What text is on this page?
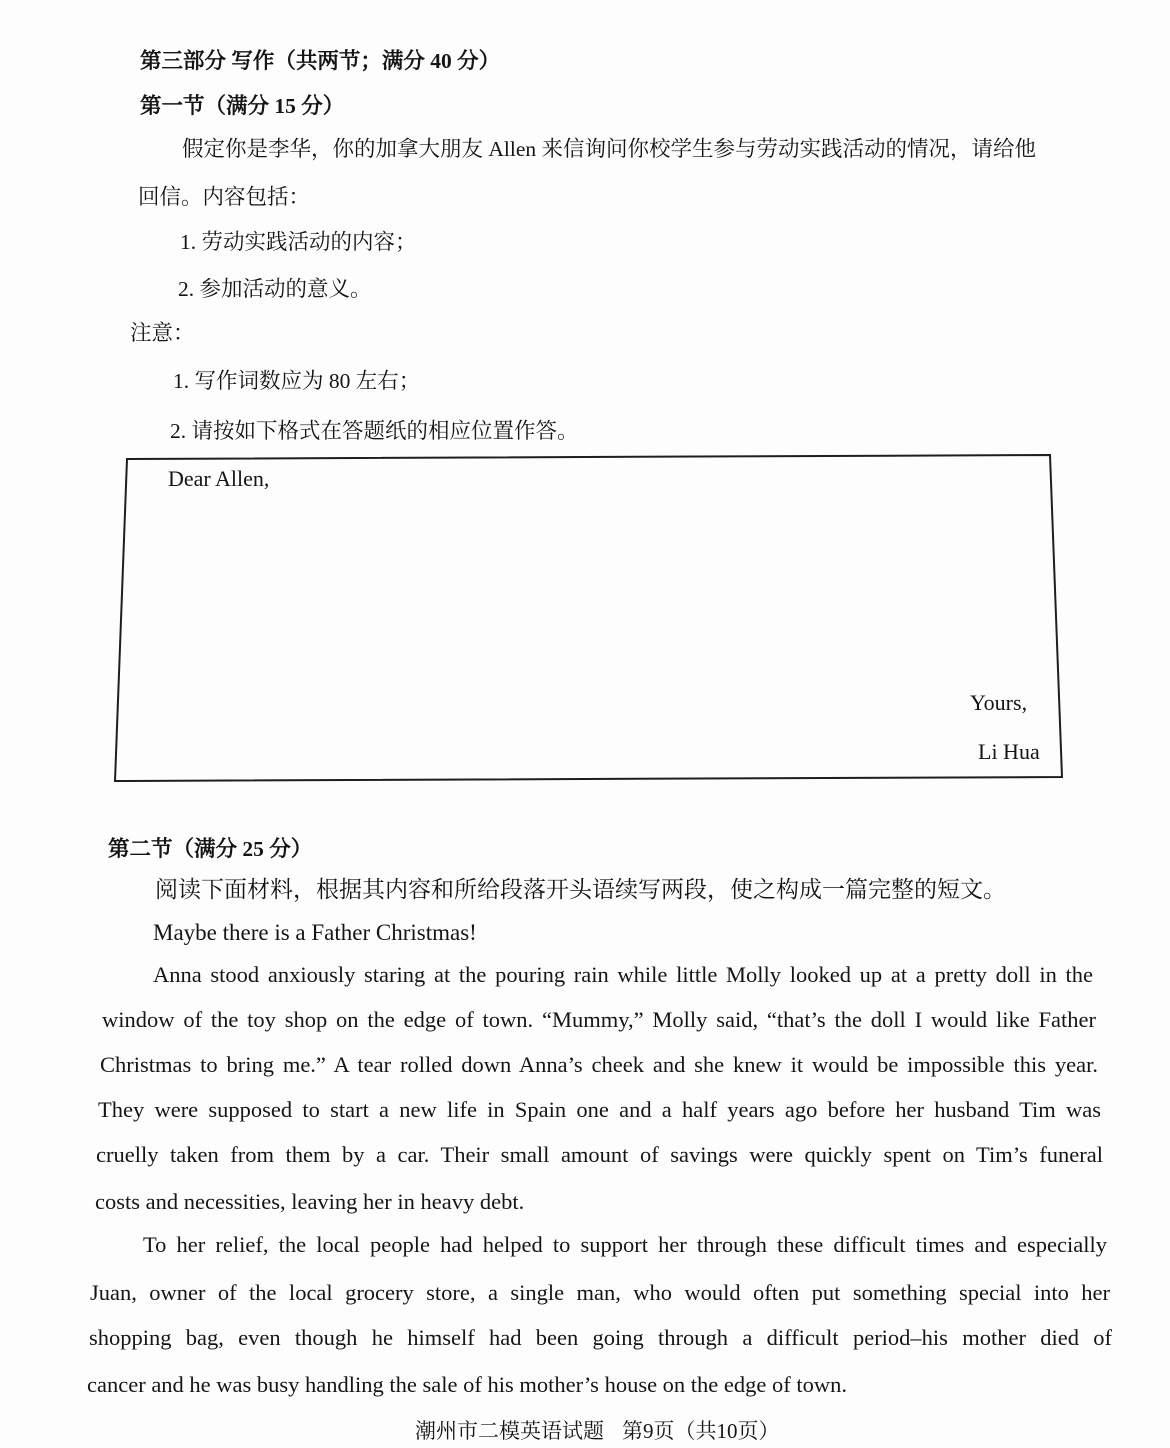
第三部分 写作（共两节；满分 40 分）
第一节（满分 15 分）
假定你是李华，你的加拿大朋友 Allen 来信询问你校学生参与劳动实践活动的情况，请给他
回信。内容包括：
1. 劳动实践活动的内容；
2. 参加活动的意义。
注意：
1. 写作词数应为 80 左右；
2. 请按如下格式在答题纸的相应位置作答。
Dear Allen,
Yours,
Li Hua
第二节（满分 25 分）
阅读下面材料，根据其内容和所给段落开头语续写两段，使之构成一篇完整的短文。
Maybe there is a Father Christmas!
Anna stood anxiously staring at the pouring rain while little Molly looked up at a pretty doll in the
window of the toy shop on the edge of town. “Mummy,” Molly said, “that’s the doll I would like Father
Christmas to bring me.” A tear rolled down Anna’s cheek and she knew it would be impossible this year.
They were supposed to start a new life in Spain one and a half years ago before her husband Tim was
cruelly taken from them by a car. Their small amount of savings were quickly spent on Tim’s funeral
costs and necessities, leaving her in heavy debt.
To her relief, the local people had helped to support her through these difficult times and especially
Juan, owner of the local grocery store, a single man, who would often put something special into her
shopping bag, even though he himself had been going through a difficult period–his mother died of
cancer and he was busy handling the sale of his mother’s house on the edge of town.
潮州市二模英语试题 第9页（共10页）
